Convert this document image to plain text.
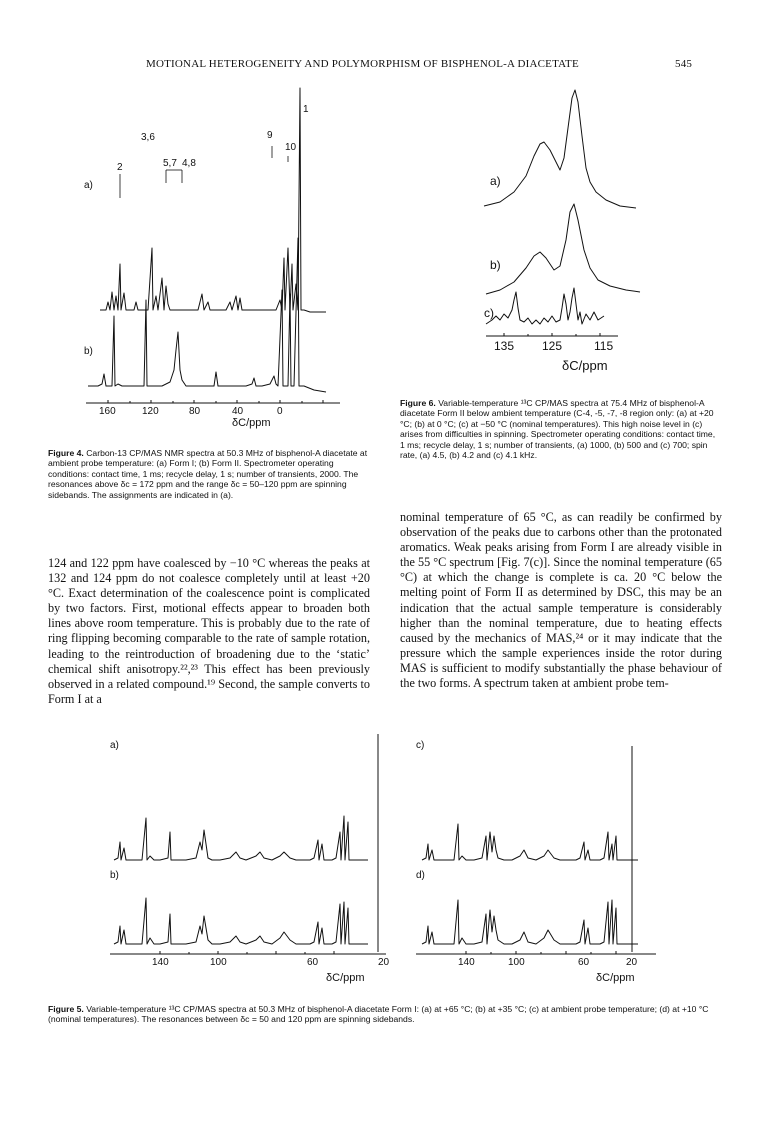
MOTIONAL HETEROGENEITY AND POLYMORPHISM OF BISPHENOL-A DIACETATE	545
3,6
2	5,7 4,8
9
10
1
a)
b)
160	120	80	40	0
δC/ppm
Figure 4. Carbon-13 CP/MAS NMR spectra at 50.3 MHz of bisphenol-A diacetate at ambient probe temperature: (a) Form I; (b) Form II. Spectrometer operating conditions: contact time, 1 ms; recycle delay, 1 s; number of transients, 2000. The resonances above δc = 172 ppm and the range δc = 50–120 ppm are spinning sidebands. The assignments are indicated in (a).
a)
b)
c)
135 125	115
δC/ppm
Figure 6. Variable-temperature ¹³C CP/MAS spectra at 75.4 MHz of bisphenol-A diacetate Form II below ambient temperature (C-4, -5, -7, -8 region only: (a) at +20 °C; (b) at 0 °C; (c) at −50 °C (nominal temperatures). This high noise level in (c) arises from difficulties in spinning. Spectrometer operating conditions: contact time, 1 ms; recycle delay, 1 s; number of transients, (a) 1000, (b) 500 and (c) 700; spin rate, (a) 4.5, (b) 4.2 and (c) 4.1 kHz.
124 and 122 ppm have coalesced by −10 °C whereas the peaks at 132 and 124 ppm do not coalesce completely until at least +20 °C. Exact determination of the coalescence point is complicated by two factors. First, motional effects appear to broaden both lines above room temperature. This is probably due to the rate of ring flipping becoming comparable to the rate of sample rotation, leading to the reintroduction of broadening due to the ‘static’ chemical shift anisotropy.²²,²³ This effect has been previously observed in a related compound.¹⁹ Second, the sample converts to Form I at a
nominal temperature of 65 °C, as can readily be confirmed by observation of the peaks due to carbons other than the protonated aromatics. Weak peaks arising from Form I are already visible in the 55 °C spectrum [Fig. 7(c)]. Since the nominal temperature (65 °C) at which the change is complete is ca. 20 °C below the melting point of Form II as determined by DSC, this may be an indication that the actual sample temperature is considerably higher than the nominal temperature, due to heating effects caused by the mechanics of MAS,²⁴ or it may indicate that the pressure which the sample experiences inside the rotor during MAS is sufficient to modify substantially the phase behaviour of the two forms. A spectrum taken at ambient probe tem-
a)
b)
c)
d)
140	100	60	20
δC/ppm
140	100	60	20
δC/ppm
Figure 5. Variable-temperature ¹³C CP/MAS spectra at 50.3 MHz of bisphenol-A diacetate Form I: (a) at +65 °C; (b) at +35 °C; (c) at ambient probe temperature; (d) at +10 °C (nominal temperatures). The resonances between δc = 50 and 120 ppm are spinning sidebands.
